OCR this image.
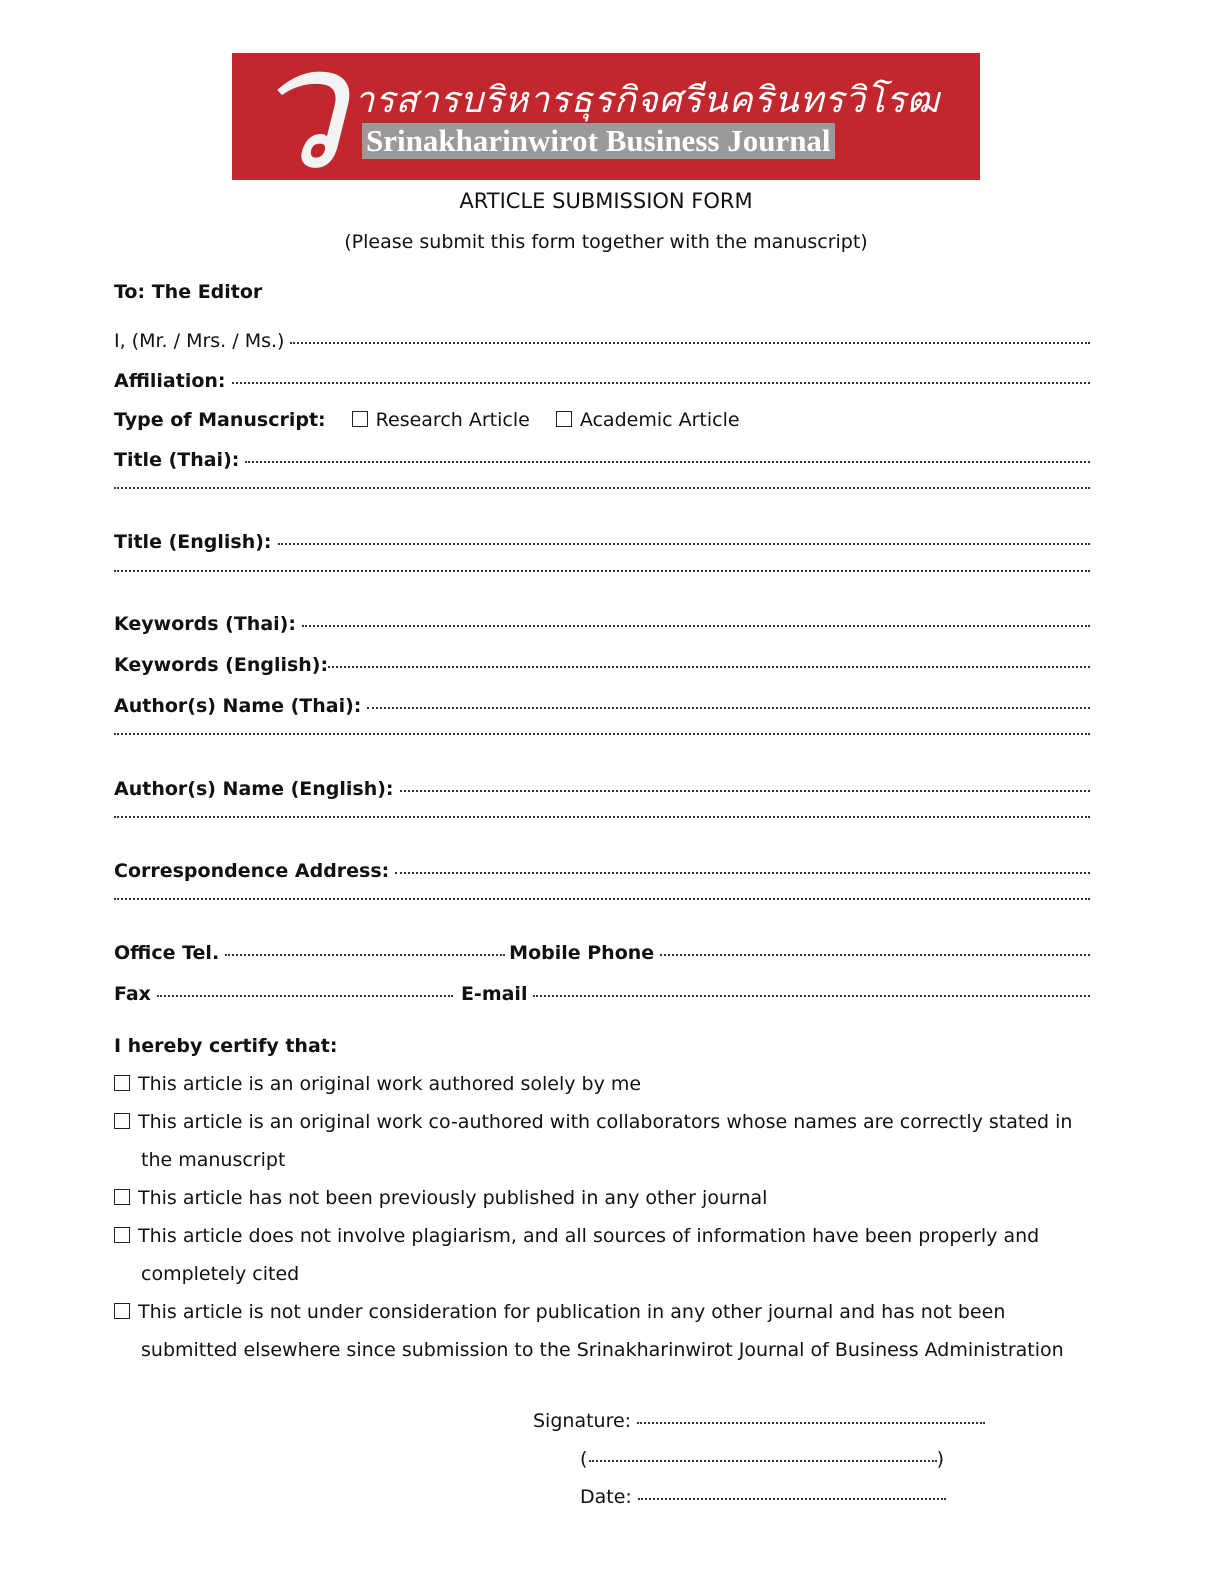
ว ารสารบริหารธุรกิจศรีนครินทรวิโรฒ
Srinakharinwirot Business Journal
ARTICLE SUBMISSION FORM
(Please submit this form together with the manuscript)
To: The Editor
I, (Mr. / Mrs. / Ms.)
Affiliation:
Type of Manuscript:	Research Article	Academic Article
Title (Thai):
Title (English):
Keywords (Thai):
Keywords (English):
Author(s) Name (Thai):
Author(s) Name (English):
Correspondence Address:
Office Tel.	Mobile Phone
Fax	E-mail
I hereby certify that:
This article is an original work authored solely by me
This article is an original work co-authored with collaborators whose names are correctly stated in
the manuscript
This article has not been previously published in any other journal
This article does not involve plagiarism, and all sources of information have been properly and
completely cited
This article is not under consideration for publication in any other journal and has not been
submitted elsewhere since submission to the Srinakharinwirot Journal of Business Administration
Signature:
(	)
Date:
